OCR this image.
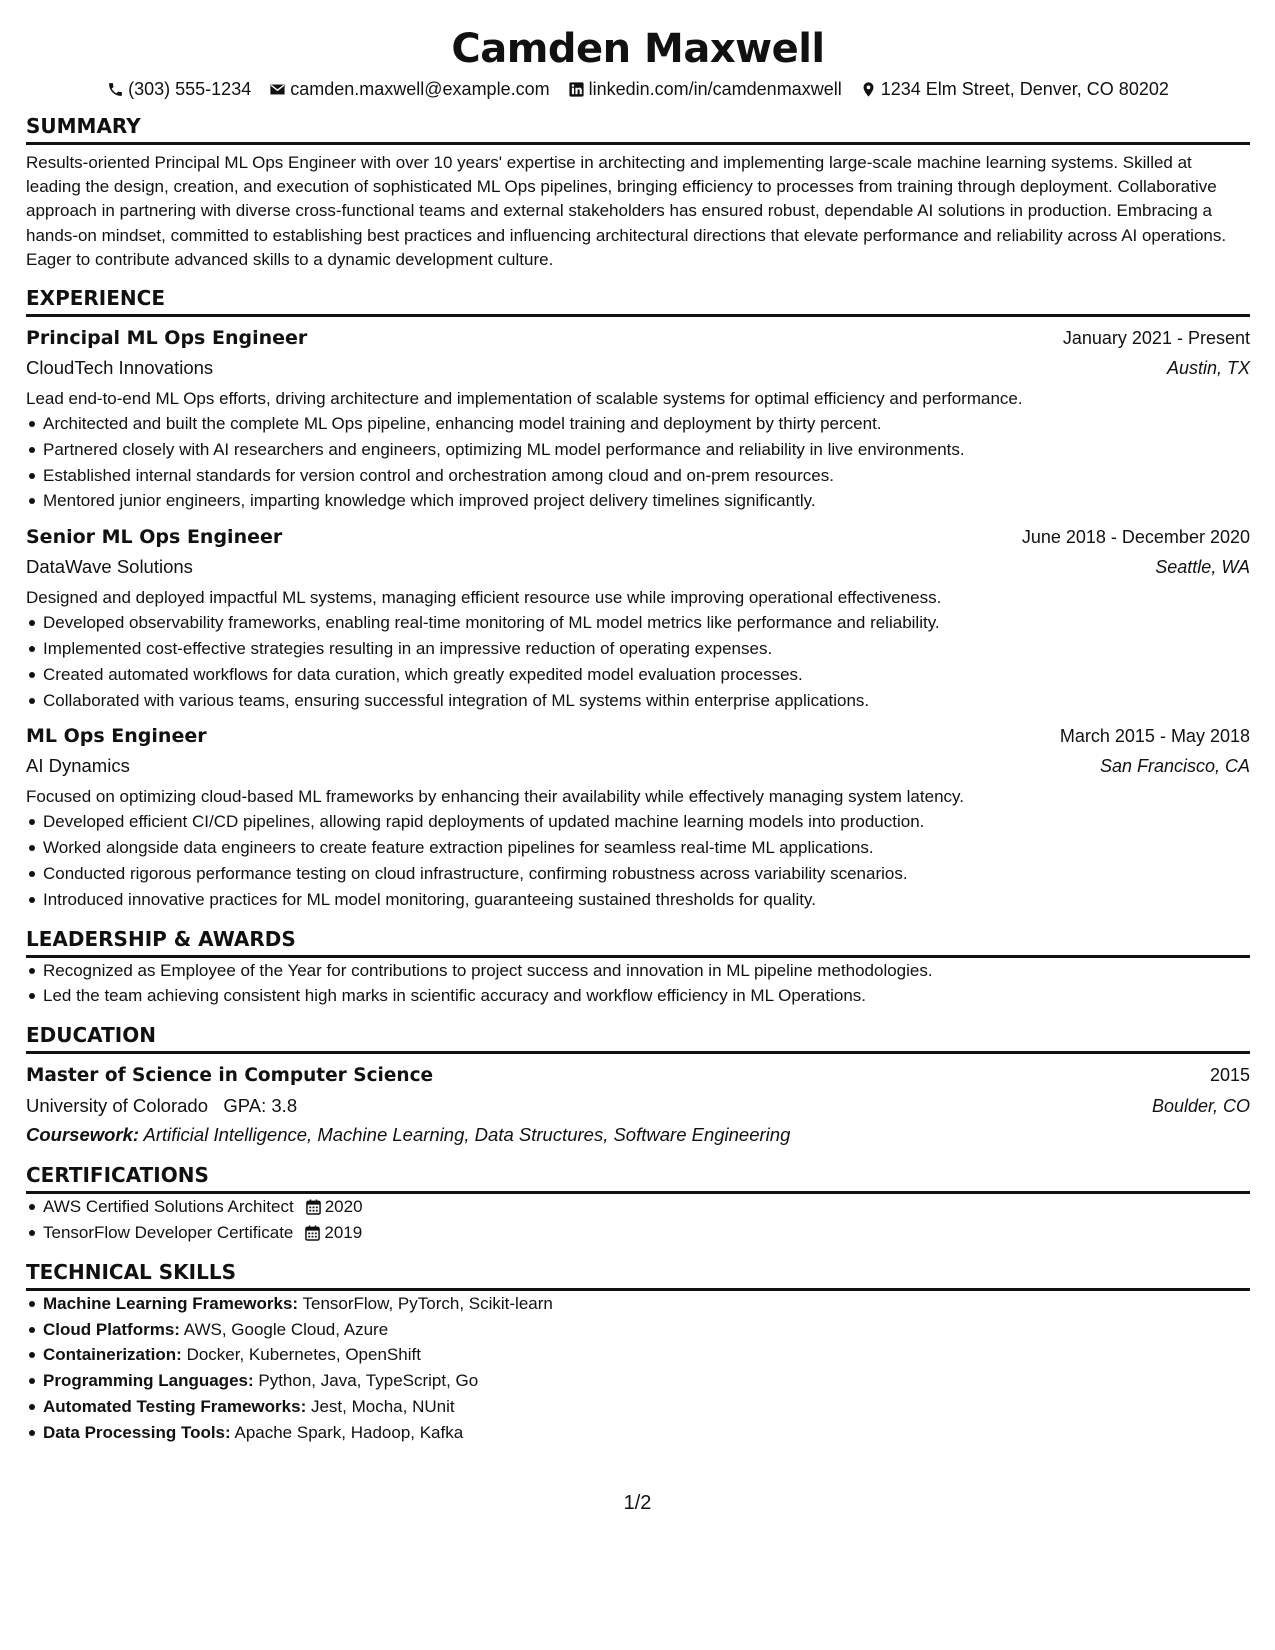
Camden Maxwell
(303) 555-1234 camden.maxwell@example.com linkedin.com/in/camdenmaxwell 1234 Elm Street, Denver, CO 80202
SUMMARY
Results-oriented Principal ML Ops Engineer with over 10 years' expertise in architecting and implementing large-scale machine learning systems. Skilled at leading the design, creation, and execution of sophisticated ML Ops pipelines, bringing efficiency to processes from training through deployment. Collaborative approach in partnering with diverse cross-functional teams and external stakeholders has ensured robust, dependable AI solutions in production. Embracing a hands-on mindset, committed to establishing best practices and influencing architectural directions that elevate performance and reliability across AI operations. Eager to contribute advanced skills to a dynamic development culture.
EXPERIENCE
Principal ML Ops Engineer	January 2021 - Present
CloudTech Innovations	Austin, TX
Lead end-to-end ML Ops efforts, driving architecture and implementation of scalable systems for optimal efficiency and performance.
Architected and built the complete ML Ops pipeline, enhancing model training and deployment by thirty percent.
Partnered closely with AI researchers and engineers, optimizing ML model performance and reliability in live environments.
Established internal standards for version control and orchestration among cloud and on-prem resources.
Mentored junior engineers, imparting knowledge which improved project delivery timelines significantly.
Senior ML Ops Engineer	June 2018 - December 2020
DataWave Solutions	Seattle, WA
Designed and deployed impactful ML systems, managing efficient resource use while improving operational effectiveness.
Developed observability frameworks, enabling real-time monitoring of ML model metrics like performance and reliability.
Implemented cost-effective strategies resulting in an impressive reduction of operating expenses.
Created automated workflows for data curation, which greatly expedited model evaluation processes.
Collaborated with various teams, ensuring successful integration of ML systems within enterprise applications.
ML Ops Engineer	March 2015 - May 2018
AI Dynamics	San Francisco, CA
Focused on optimizing cloud-based ML frameworks by enhancing their availability while effectively managing system latency.
Developed efficient CI/CD pipelines, allowing rapid deployments of updated machine learning models into production.
Worked alongside data engineers to create feature extraction pipelines for seamless real-time ML applications.
Conducted rigorous performance testing on cloud infrastructure, confirming robustness across variability scenarios.
Introduced innovative practices for ML model monitoring, guaranteeing sustained thresholds for quality.
LEADERSHIP & AWARDS
Recognized as Employee of the Year for contributions to project success and innovation in ML pipeline methodologies.
Led the team achieving consistent high marks in scientific accuracy and workflow efficiency in ML Operations.
EDUCATION
Master of Science in Computer Science	2015
University of Colorado GPA: 3.8	Boulder, CO
Coursework: Artificial Intelligence, Machine Learning, Data Structures, Software Engineering
CERTIFICATIONS
AWS Certified Solutions Architect 2020
TensorFlow Developer Certificate 2019
TECHNICAL SKILLS
Machine Learning Frameworks: TensorFlow, PyTorch, Scikit-learn
Cloud Platforms: AWS, Google Cloud, Azure
Containerization: Docker, Kubernetes, OpenShift
Programming Languages: Python, Java, TypeScript, Go
Automated Testing Frameworks: Jest, Mocha, NUnit
Data Processing Tools: Apache Spark, Hadoop, Kafka
1/2
